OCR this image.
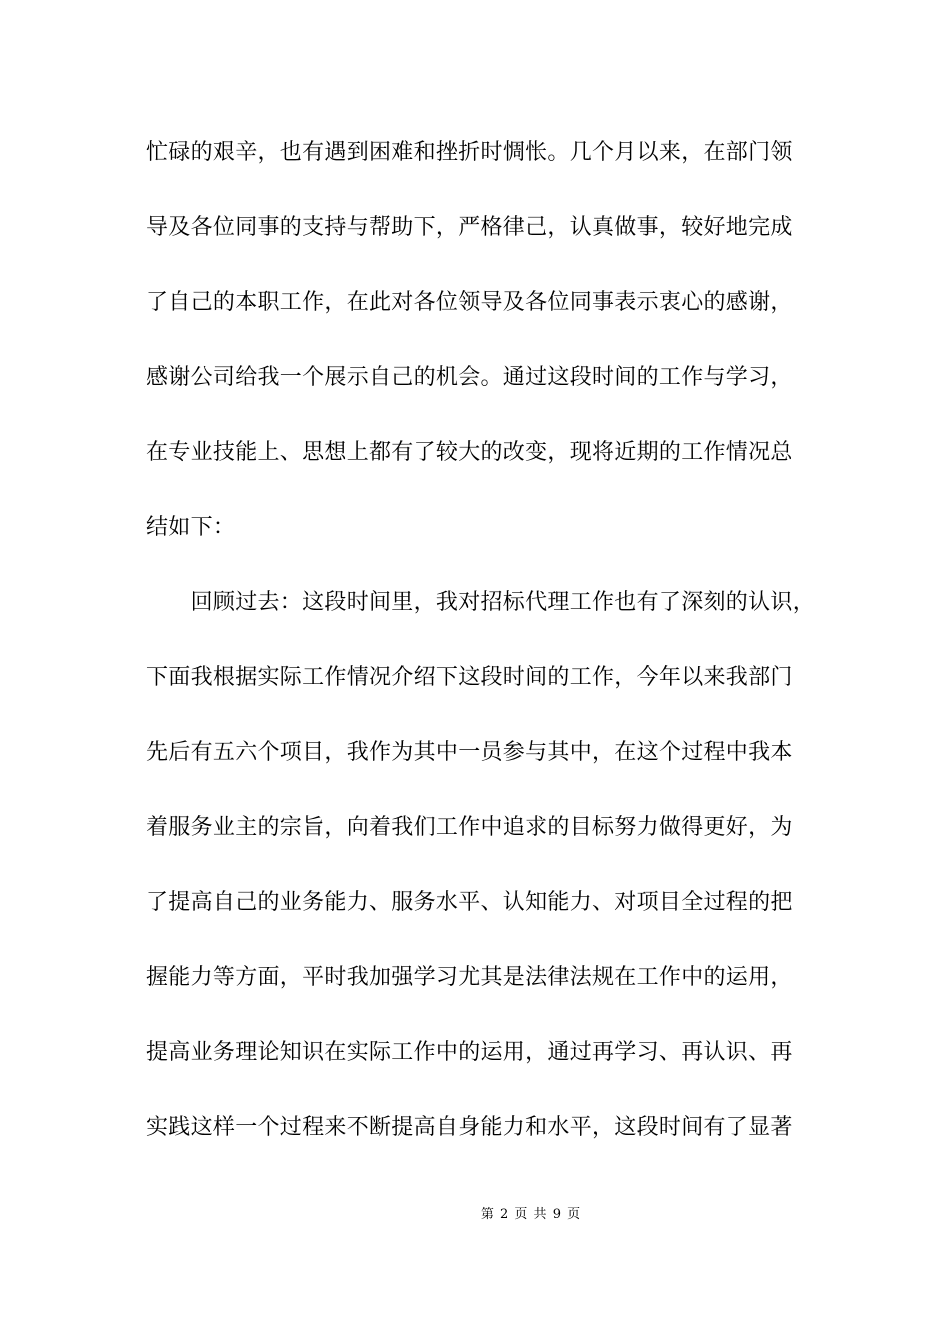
忙碌的艰辛，也有遇到困难和挫折时惆怅。几个月以来，在部门领
导及各位同事的支持与帮助下，严格律己，认真做事，较好地完成
了自己的本职工作，在此对各位领导及各位同事表示衷心的感谢，
感谢公司给我一个展示自己的机会。通过这段时间的工作与学习，
在专业技能上、思想上都有了较大的改变，现将近期的工作情况总
结如下：
　　回顾过去：这段时间里，我对招标代理工作也有了深刻的认识，
下面我根据实际工作情况介绍下这段时间的工作，今年以来我部门
先后有五六个项目，我作为其中一员参与其中，在这个过程中我本
着服务业主的宗旨，向着我们工作中追求的目标努力做得更好，为
了提高自己的业务能力、服务水平、认知能力、对项目全过程的把
握能力等方面，平时我加强学习尤其是法律法规在工作中的运用，
提高业务理论知识在实际工作中的运用，通过再学习、再认识、再
实践这样一个过程来不断提高自身能力和水平，这段时间有了显著
第 2 页 共 9 页
